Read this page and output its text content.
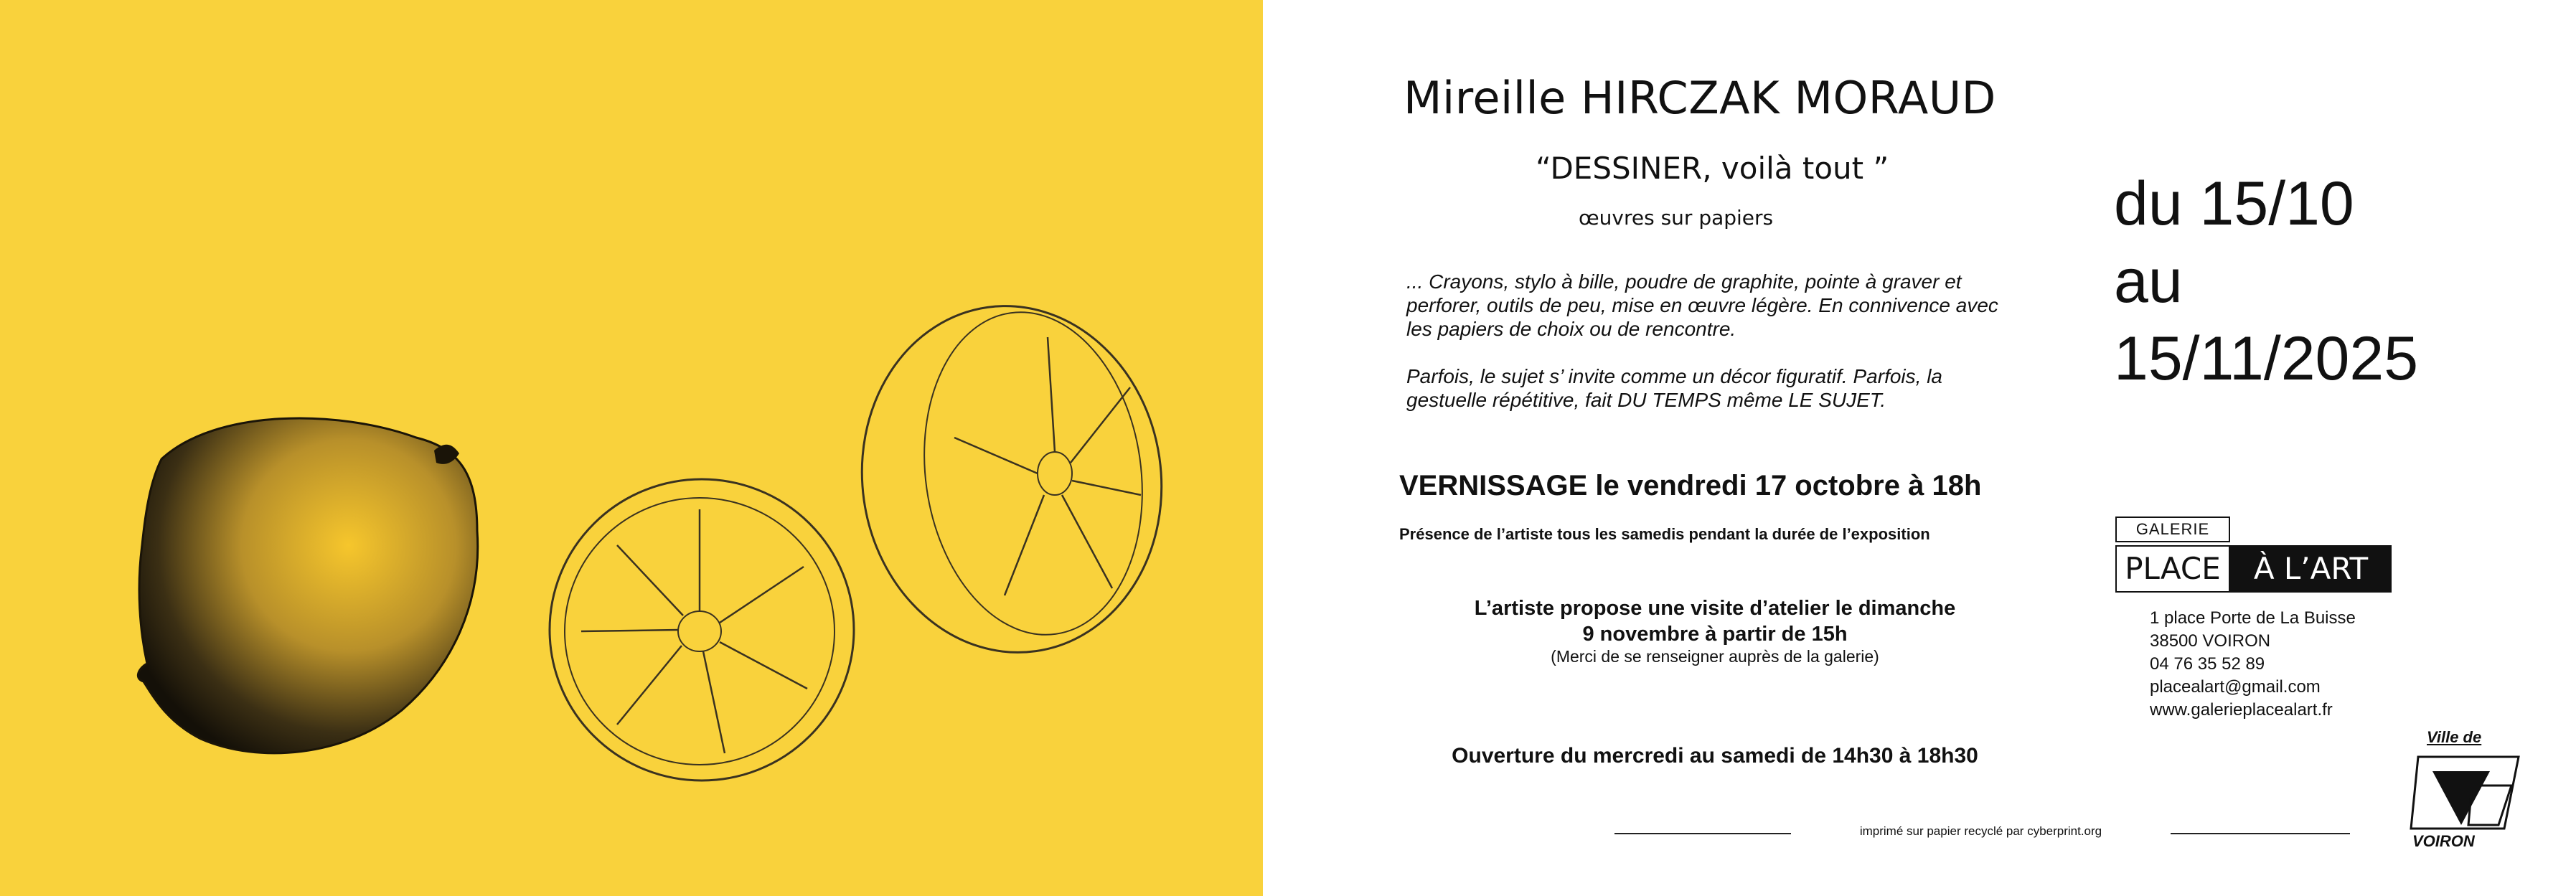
Mireille HIRCZAK MORAUD
“DESSINER, voilà tout ”
œuvres sur papiers
... Crayons, stylo à bille, poudre de graphite, pointe à graver et perforer, outils de peu, mise en œuvre légère. En connivence avec les papiers de choix ou de rencontre.
Parfois, le sujet s’ invite comme un décor figuratif. Parfois, la gestuelle répétitive, fait DU TEMPS même LE SUJET.
du 15/10
au
15/11/2025
VERNISSAGE le vendredi 17 octobre à 18h
Présence de l’artiste tous les samedis pendant la durée de l’exposition
L’artiste propose une visite d’atelier le dimanche
9 novembre à partir de 15h
(Merci de se renseigner auprès de la galerie)
Ouverture du mercredi au samedi de 14h30 à 18h30
GALERIE
PLACE	À L’ART
1 place Porte de La Buisse
38500 VOIRON
04 76 35 52 89
placealart@gmail.com
www.galerieplacealart.fr
Ville de
VOIRON
imprimé sur papier recyclé par cyberprint.org
